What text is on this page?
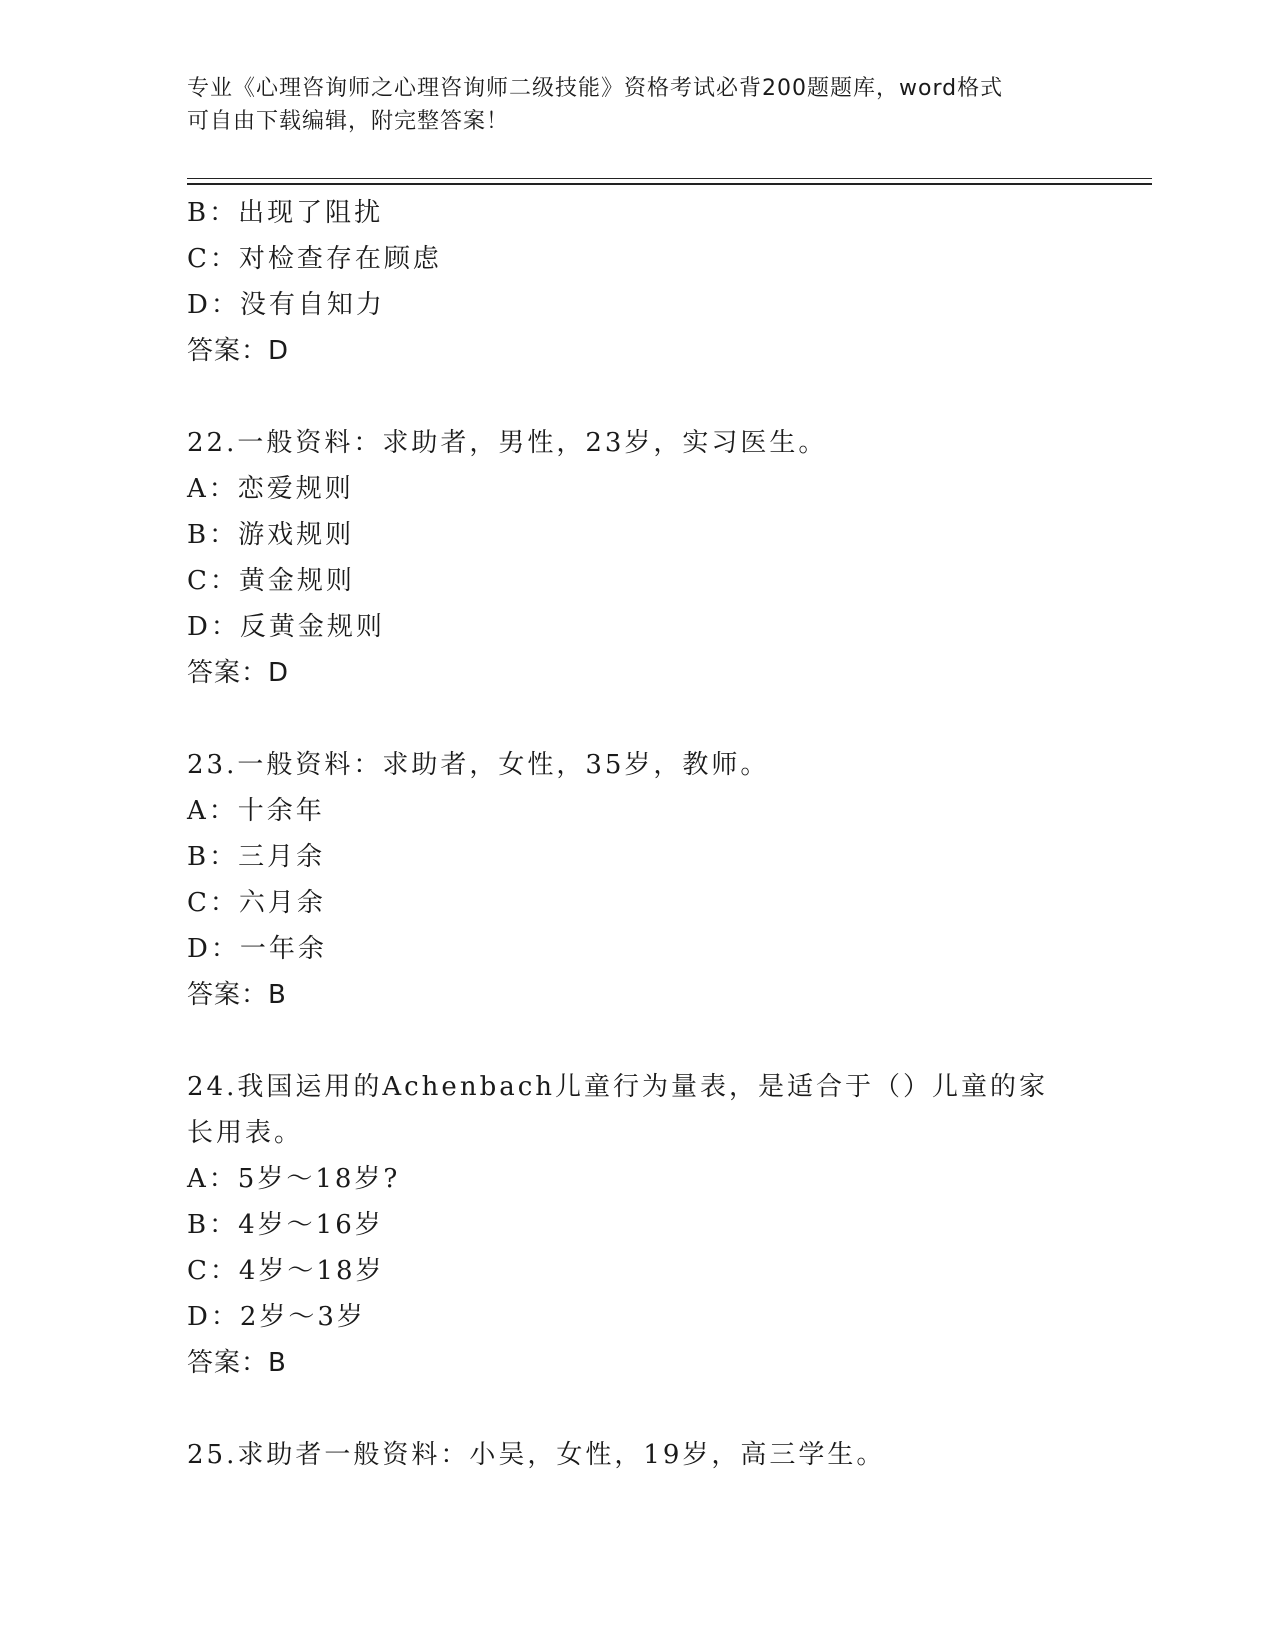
专业《心理咨询师之心理咨询师二级技能》资格考试必背200题题库，word格式
可自由下载编辑，附完整答案！
B：出现了阻扰
C：对检查存在顾虑
D：没有自知力
答案：D
22.一般资料：求助者，男性，23岁，实习医生。
A：恋爱规则
B：游戏规则
C：黄金规则
D：反黄金规则
答案：D
23.一般资料：求助者，女性，35岁，教师。
A：十余年
B：三月余
C：六月余
D：一年余
答案：B
24.我国运用的Achenbach儿童行为量表，是适合于（）儿童的家长用表。
A：5岁～18岁?
B：4岁～16岁
C：4岁～18岁
D：2岁～3岁
答案：B
25.求助者一般资料：小吴，女性，19岁，高三学生。
